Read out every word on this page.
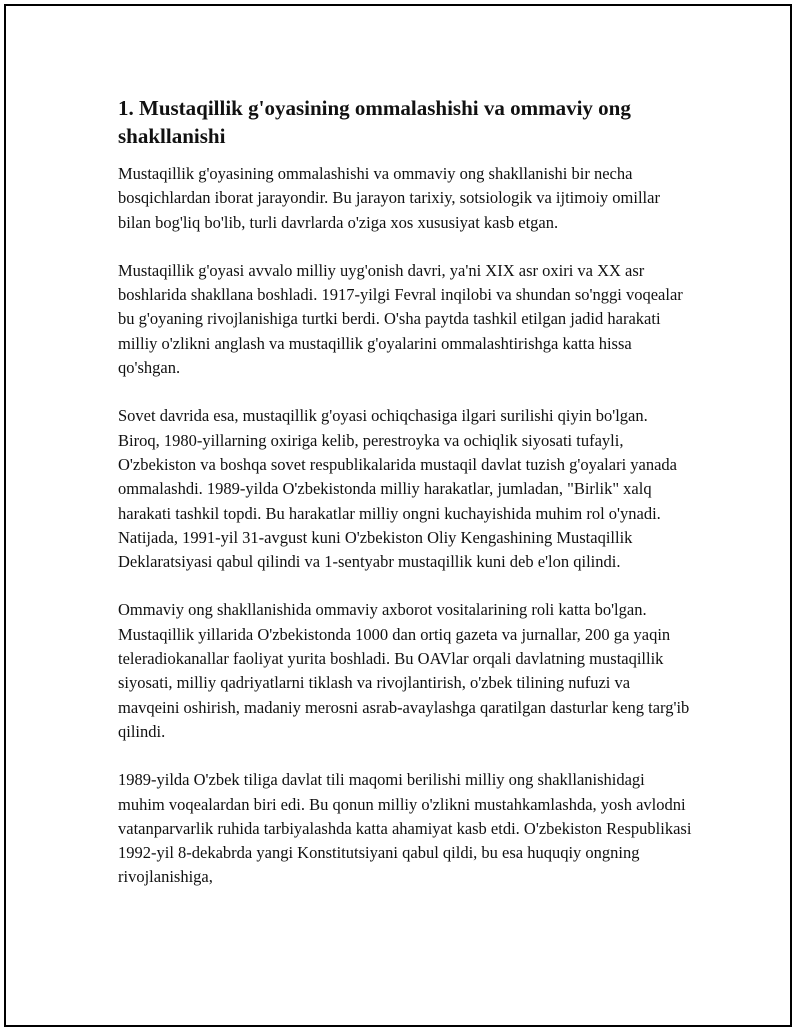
1. Mustaqillik g'oyasining ommalashishi va ommaviy ong shakllanishi

Mustaqillik g'oyasining ommalashishi va ommaviy ong shakllanishi bir necha bosqichlardan iborat jarayondir. Bu jarayon tarixiy, sotsiologik va ijtimoiy omillar bilan bog'liq bo'lib, turli davrlarda o'ziga xos xususiyat kasb etgan.

Mustaqillik g'oyasi avvalo milliy uyg'onish davri, ya'ni XIX asr oxiri va XX asr boshlarida shakllana boshladi. 1917-yilgi Fevral inqilobi va shundan so'nggi voqealar bu g'oyaning rivojlanishiga turtki berdi. O'sha paytda tashkil etilgan jadid harakati milliy o'zlikni anglash va mustaqillik g'oyalarini ommalashtirishga katta hissa qo'shgan.

Sovet davrida esa, mustaqillik g'oyasi ochiqchasiga ilgari surilishi qiyin bo'lgan. Biroq, 1980-yillarning oxiriga kelib, perestroyka va ochiqlik siyosati tufayli, O'zbekiston va boshqa sovet respublikalarida mustaqil davlat tuzish g'oyalari yanada ommalashdi. 1989-yilda O'zbekistonda milliy harakatlar, jumladan, "Birlik" xalq harakati tashkil topdi. Bu harakatlar milliy ongni kuchayishida muhim rol o'ynadi. Natijada, 1991-yil 31-avgust kuni O'zbekiston Oliy Kengashining Mustaqillik Deklaratsiyasi qabul qilindi va 1-sentyabr mustaqillik kuni deb e'lon qilindi.

Ommaviy ong shakllanishida ommaviy axborot vositalarining roli katta bo'lgan. Mustaqillik yillarida O'zbekistonda 1000 dan ortiq gazeta va jurnallar, 200 ga yaqin teleradiokanallar faoliyat yurita boshladi. Bu OAVlar orqali davlatning mustaqillik siyosati, milliy qadriyatlarni tiklash va rivojlantirish, o'zbek tilining nufuzi va mavqeini oshirish, madaniy merosni asrab-avaylashga qaratilgan dasturlar keng targ'ib qilindi.

1989-yilda O'zbek tiliga davlat tili maqomi berilishi milliy ong shakllanishidagi muhim voqealardan biri edi. Bu qonun milliy o'zlikni mustahkamlashda, yosh avlodni vatanparvarlik ruhida tarbiyalashda katta ahamiyat kasb etdi. O'zbekiston Respublikasi 1992-yil 8-dekabrda yangi Konstitutsiyani qabul qildi, bu esa huquqiy ongning rivojlanishiga,
